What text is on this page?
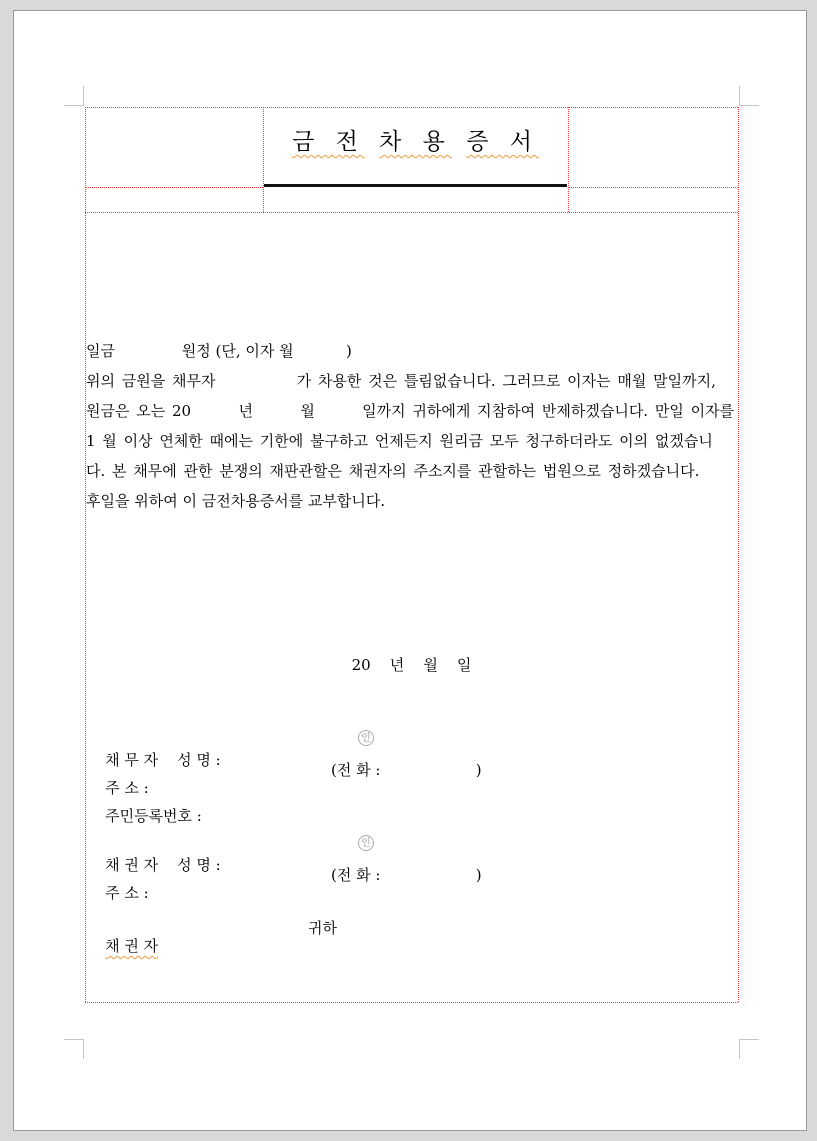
금 전 차 용 증 서
일금              원정 (단, 이자 월           )
위의 금원을 채무자            가 차용한 것은 틀림없습니다. 그러므로 이자는 매월 말일까지,
원금은 오는 20       년       월       일까지 귀하에게 지참하여 반제하겠습니다. 만일 이자를
1 월 이상 연체한 때에는 기한에 불구하고 언제든지 원리금 모두 청구하더라도 이의 없겠습니
다. 본 채무에 관한 분쟁의 재판관할은 채권자의 주소지를 관할하는 법원으로 정하겠습니다.
후일을 위하여 이 금전차용증서를 교부합니다.
20    년    월    일

채 무 자    성 명 :

인

주 소 :

(전 화 :                    )

주민등록번호 :

채 권 자    성 명 :

인

주 소 :

(전 화 :                    )

채 권 자

귀하
